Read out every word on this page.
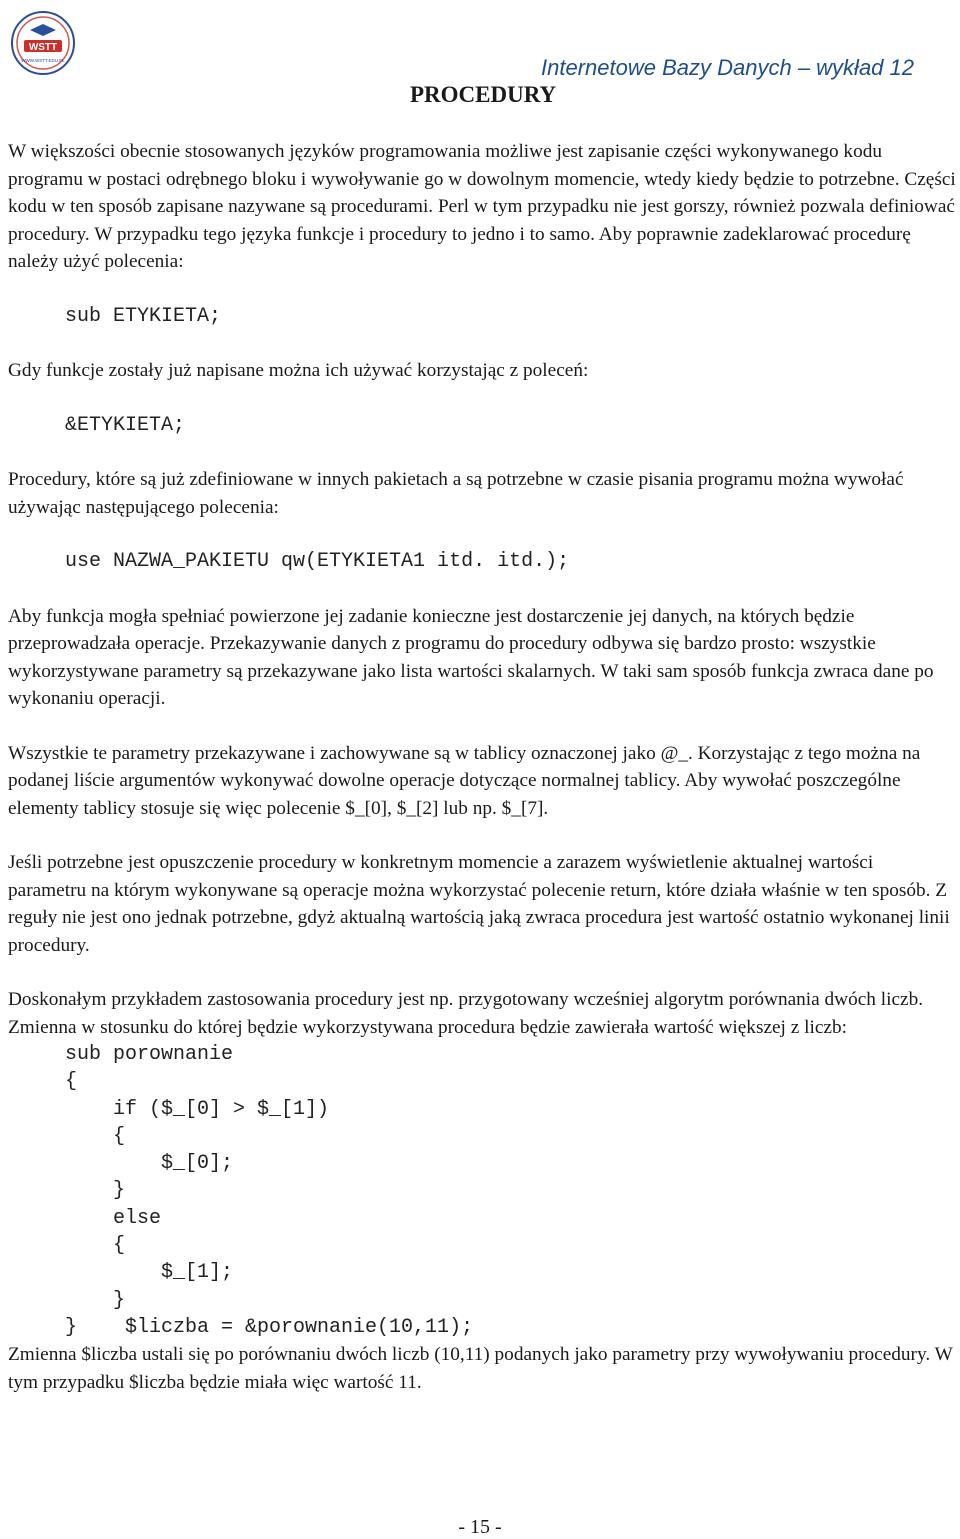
WSTT
WWW.WSTT.EDU.PL	Internetowe Bazy Danych – wykład 12
PROCEDURY

W większości obecnie stosowanych języków programowania możliwe jest zapisanie części wykonywanego kodu programu w postaci odrębnego bloku i wywoływanie go w dowolnym momencie, wtedy kiedy będzie to potrzebne. Części kodu w ten sposób zapisane nazywane są procedurami. Perl w tym przypadku nie jest gorszy, również pozwala definiować procedury. W przypadku tego języka funkcje i procedury to jedno i to samo. Aby poprawnie zadeklarować procedurę należy użyć polecenia:

sub ETYKIETA;

Gdy funkcje zostały już napisane można ich używać korzystając z poleceń:

&ETYKIETA;

Procedury, które są już zdefiniowane w innych pakietach a są potrzebne w czasie pisania programu można wywołać używając następującego polecenia:

use NAZWA_PAKIETU qw(ETYKIETA1 itd. itd.);

Aby funkcja mogła spełniać powierzone jej zadanie konieczne jest dostarczenie jej danych, na których będzie przeprowadzała operacje. Przekazywanie danych z programu do procedury odbywa się bardzo prosto: wszystkie wykorzystywane parametry są przekazywane jako lista wartości skalarnych. W taki sam sposób funkcja zwraca dane po wykonaniu operacji.

Wszystkie te parametry przekazywane i zachowywane są w tablicy oznaczonej jako @_. Korzystając z tego można na podanej liście argumentów wykonywać dowolne operacje dotyczące normalnej tablicy. Aby wywołać poszczególne elementy tablicy stosuje się więc polecenie $_[0], $_[2] lub np. $_[7].

Jeśli potrzebne jest opuszczenie procedury w konkretnym momencie a zarazem wyświetlenie aktualnej wartości parametru na którym wykonywane są operacje można wykorzystać polecenie return, które działa właśnie w ten sposób. Z reguły nie jest ono jednak potrzebne, gdyż aktualną wartością jaką zwraca procedura jest wartość ostatnio wykonanej linii procedury.

Doskonałym przykładem zastosowania procedury jest np. przygotowany wcześniej algorytm porównania dwóch liczb. Zmienna w stosunku do której będzie wykorzystywana procedura będzie zawierała wartość większej z liczb:

sub porownanie
{
if ($_[0] > $_[1])
{
$_[0];
}
else
{
$_[1];
}
}    $liczba = &porownanie(10,11);

Zmienna $liczba ustali się po porównaniu dwóch liczb (10,11) podanych jako parametry przy wywoływaniu procedury. W tym przypadku $liczba będzie miała więc wartość 11.

- 15 -
